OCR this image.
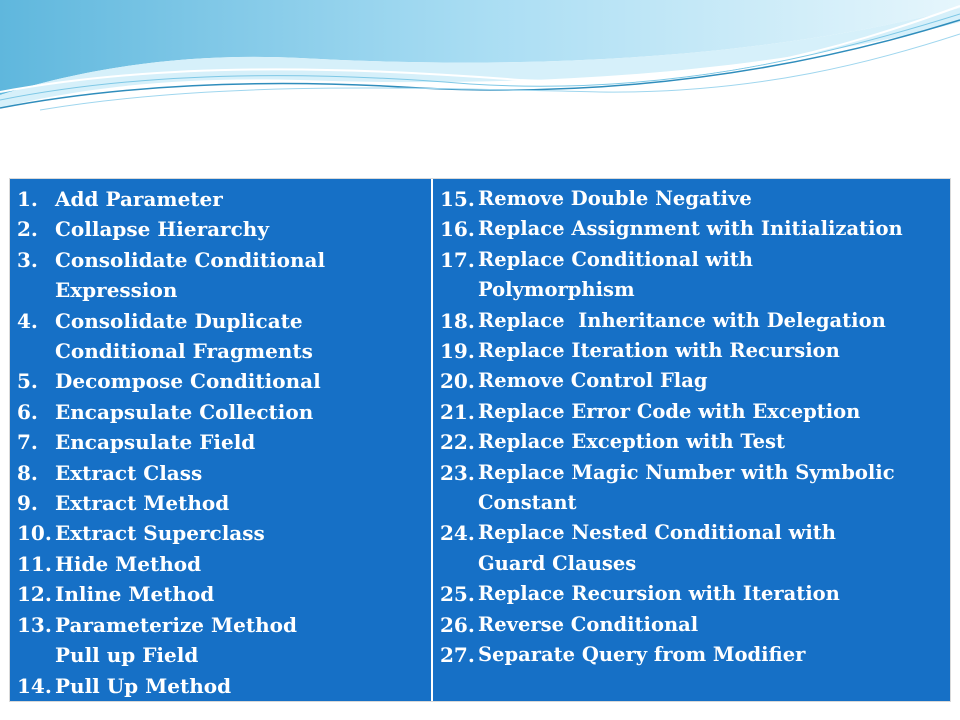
1. Add Parameter
2. Collapse Hierarchy
3. Consolidate Conditional Expression
4. Consolidate Duplicate Conditional Fragments
5. Decompose Conditional
6. Encapsulate Collection
7. Encapsulate Field
8. Extract Class
9. Extract Method
10. Extract Superclass
11. Hide Method
12. Inline Method
13. Parameterize Method Pull up Field
14. Pull Up Method
15. Remove Double Negative
16. Replace Assignment with Initialization
17. Replace Conditional with Polymorphism
18. Replace  Inheritance with Delegation
19. Replace Iteration with Recursion
20. Remove Control Flag
21. Replace Error Code with Exception
22. Replace Exception with Test
23. Replace Magic Number with Symbolic Constant
24. Replace Nested Conditional with Guard Clauses
25. Replace Recursion with Iteration
26. Reverse Conditional
27. Separate Query from Modifier
